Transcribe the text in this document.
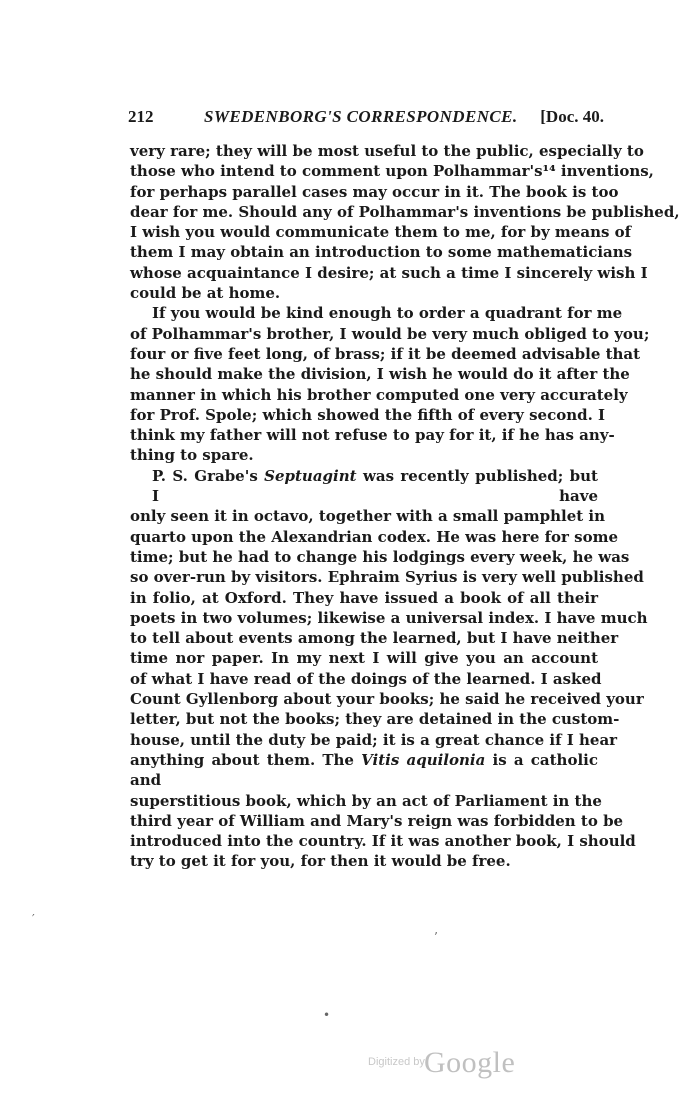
212	SWEDENBORG'S CORRESPONDENCE. [Doc. 40.

very rare; they will be most useful to the public, especially to
those who intend to comment upon Polhammar's¹⁴ inventions,
for perhaps parallel cases may occur in it. The book is too
dear for me. Should any of Polhammar's inventions be published,
I wish you would communicate them to me, for by means of
them I may obtain an introduction to some mathematicians
whose acquaintance I desire; at such a time I sincerely wish I
could be at home.

If you would be kind enough to order a quadrant for me
of Polhammar's brother, I would be very much obliged to you;
four or five feet long, of brass; if it be deemed advisable that
he should make the division, I wish he would do it after the
manner in which his brother computed one very accurately
for Prof. Spole; which showed the fifth of every second. I
think my father will not refuse to pay for it, if he has any-
thing to spare.

P. S. Grabe's Septuagint was recently published; but I have
only seen it in octavo, together with a small pamphlet in
quarto upon the Alexandrian codex. He was here for some
time; but he had to change his lodgings every week, he was
so over-run by visitors. Ephraim Syrius is very well published
in folio, at Oxford. They have issued a book of all their
poets in two volumes; likewise a universal index. I have much
to tell about events among the learned, but I have neither
time nor paper. In my next I will give you an account
of what I have read of the doings of the learned. I asked
Count Gyllenborg about your books; he said he received your
letter, but not the books; they are detained in the custom-
house, until the duty be paid; it is a great chance if I hear
anything about them. The Vitis aquilonia is a catholic and
superstitious book, which by an act of Parliament in the
third year of William and Mary's reign was forbidden to be
introduced into the country. If it was another book, I should
try to get it for you, for then it would be free.

′
’
•
Digitized by Google
